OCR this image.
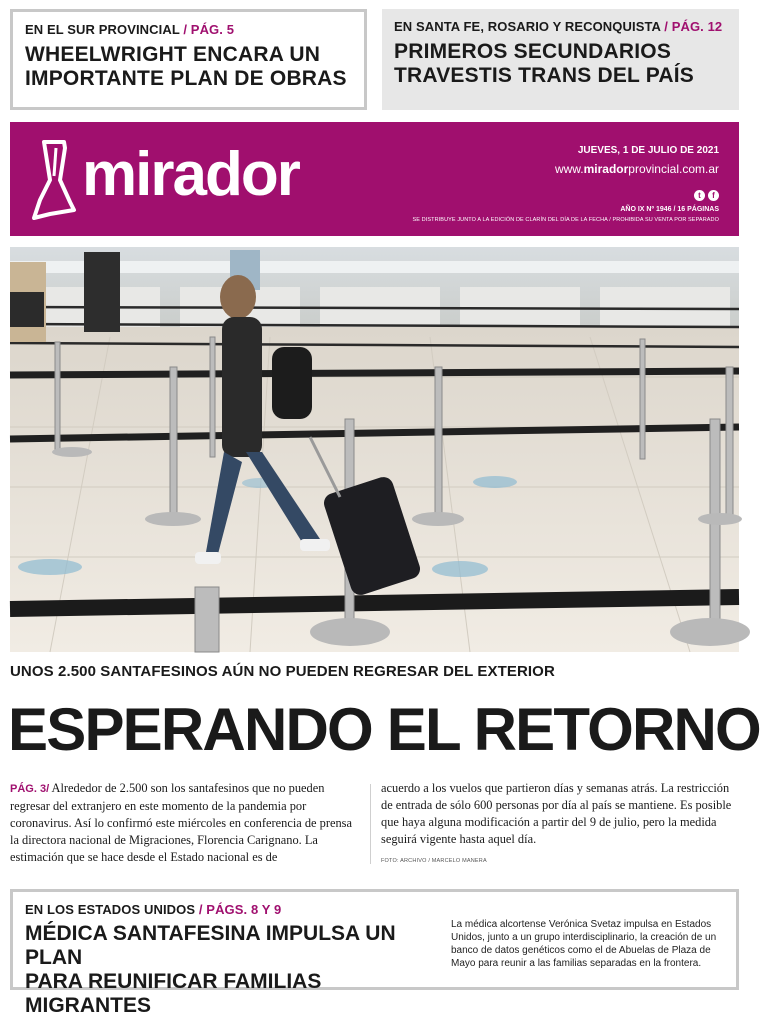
EN EL SUR PROVINCIAL / PÁG. 5
WHEELWRIGHT ENCARA UN
IMPORTANTE PLAN DE OBRAS
EN SANTA FE, ROSARIO Y RECONQUISTA / PÁG. 12
PRIMEROS SECUNDARIOS
TRAVESTIS TRANS DEL PAÍS
mirador	JUEVES, 1 DE JULIO DE 2021
www.miradorprovincial.com.ar
t	f
AÑO IX Nº 1946 / 16 PÁGINAS
SE DISTRIBUYE JUNTO A LA EDICIÓN DE CLARÍN DEL DÍA DE LA FECHA / PROHIBIDA SU VENTA POR SEPARADO
UNOS 2.500 SANTAFESINOS AÚN NO PUEDEN REGRESAR DEL EXTERIOR
ESPERANDO EL RETORNO
PÁG. 3/ Alrededor de 2.500 son los santafesinos que no pueden regresar del extranjero en este momento de la pandemia por coronavirus. Así lo confirmó este miércoles en conferencia de prensa la directora nacional de Migraciones, Florencia Carignano. La estimación que se hace desde el Estado nacional es de
acuerdo a los vuelos que partieron días y semanas atrás. La restricción de entrada de sólo 600 personas por día al país se mantiene. Es posible que haya alguna modificación a partir del 9 de julio, pero la medida seguirá vigente hasta aquel día.
FOTO: ARCHIVO / MARCELO MANERA
EN LOS ESTADOS UNIDOS / PÁGS. 8 Y 9
MÉDICA SANTAFESINA IMPULSA UN PLAN
PARA REUNIFICAR FAMILIAS MIGRANTES
La médica alcortense Verónica Svetaz impulsa en Estados Unidos, junto a un grupo interdisciplinario, la creación de un banco de datos genéticos como el de Abuelas de Plaza de Mayo para reunir a las familias separadas en la frontera.
